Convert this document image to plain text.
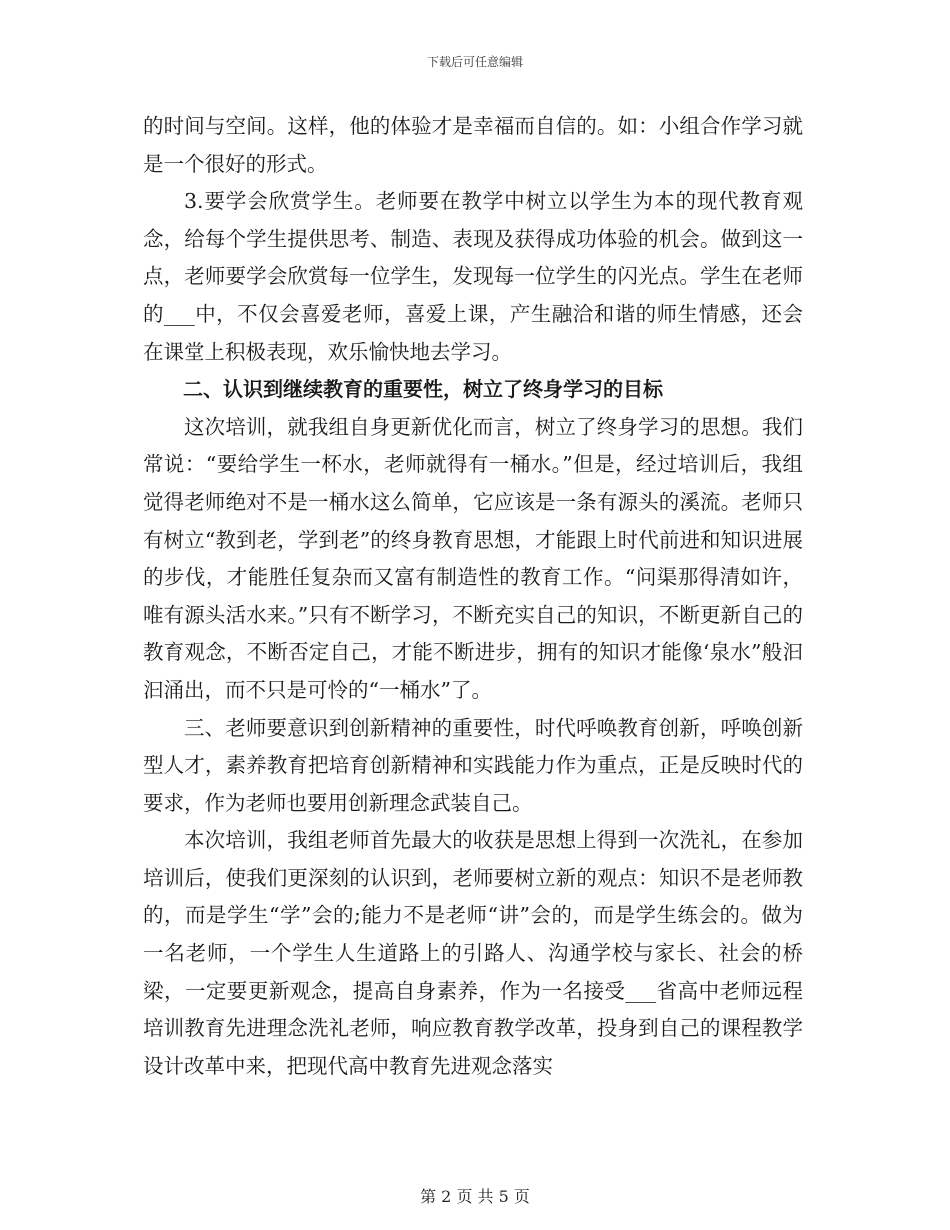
下载后可任意编辑

的时间与空间。这样，他的体验才是幸福而自信的。如：小组合作学习就是一个很好的形式。

3.要学会欣赏学生。老师要在教学中树立以学生为本的现代教育观念，给每个学生提供思考、制造、表现及获得成功体验的机会。做到这一点，老师要学会欣赏每一位学生，发现每一位学生的闪光点。学生在老师的___中，不仅会喜爱老师，喜爱上课，产生融洽和谐的师生情感，还会在课堂上积极表现，欢乐愉快地去学习。

二、认识到继续教育的重要性，树立了终身学习的目标

这次培训，就我组自身更新优化而言，树立了终身学习的思想。我们常说：“要给学生一杯水，老师就得有一桶水。”但是，经过培训后，我组觉得老师绝对不是一桶水这么简单，它应该是一条有源头的溪流。老师只有树立“教到老，学到老”的终身教育思想，才能跟上时代前进和知识进展的步伐，才能胜任复杂而又富有制造性的教育工作。“问渠那得清如许，唯有源头活水来。”只有不断学习，不断充实自己的知识，不断更新自己的教育观念，不断否定自己，才能不断进步，拥有的知识才能像‘泉水”般汩汩涌出，而不只是可怜的“一桶水”了。

三、老师要意识到创新精神的重要性，时代呼唤教育创新，呼唤创新型人才，素养教育把培育创新精神和实践能力作为重点，正是反映时代的要求，作为老师也要用创新理念武装自己。

本次培训，我组老师首先最大的收获是思想上得到一次洗礼，在参加培训后，使我们更深刻的认识到，老师要树立新的观点：知识不是老师教的，而是学生“学”会的;能力不是老师“讲”会的，而是学生练会的。做为一名老师，一个学生人生道路上的引路人、沟通学校与家长、社会的桥梁，一定要更新观念，提高自身素养，作为一名接受___省高中老师远程培训教育先进理念洗礼老师，响应教育教学改革，投身到自己的课程教学设计改革中来，把现代高中教育先进观念落实

第 2 页 共 5 页
